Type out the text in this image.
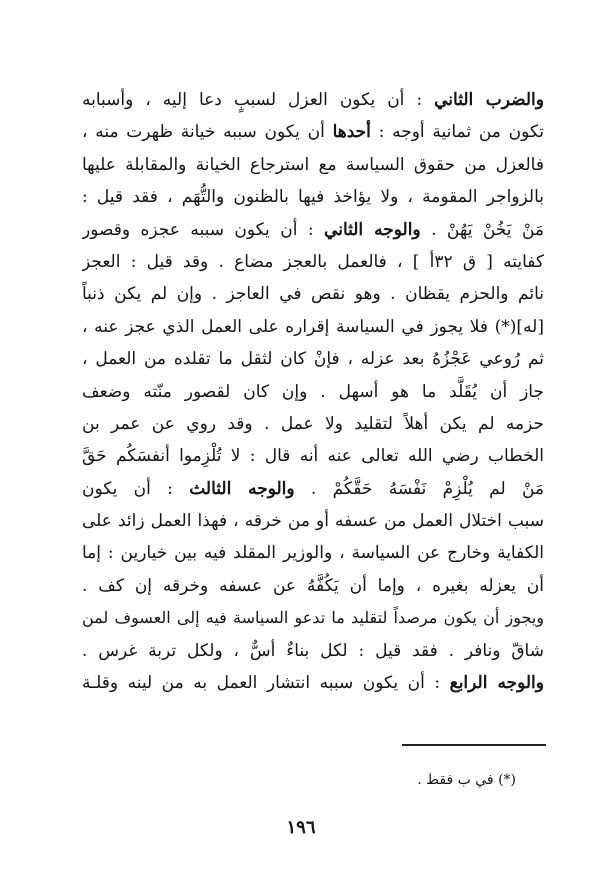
والضرب الثاني : أن يكون العزل لسببٍ دعا إليه ، وأسبابه
تكون من ثمانية أوجه : أحدها أن يكون سببه خيانة ظهرت منه ،
فالعزل من حقوق السياسة مع استرجاع الخيانة والمقابلة عليها
بالزواجر المقومة ، ولا يؤاخذ فيها بالظنون والتُّهَم ، فقد قيل :
مَنْ يَخُنْ يَهُنْ . والوجه الثاني : أن يكون سببه عجزه وقصور
كفايته [ ق ٣٢أ ] ، فالعمل بالعجز مضاع . وقد قيل : العجز
نائم والحزم يقظان . وهو نقص في العاجز . وإن لم يكن ذنباً
[له](*) فلا يجوز في السياسة إقراره على العمل الذي عجز عنه ،
ثم رُوعي عَجْزُهُ بعد عزله ، فإنْ كان لثقل ما تقلده من العمل ،
جاز أن يُقَلَّد ما هو أسهل . وإن كان لقصور منّته وضعف
حزمه لم يكن أهلاً لتقليد ولا عمل . وقد روي عن عمر بن
الخطاب رضي الله تعالى عنه أنه قال : لا تُلْزِموا أنفسَكُم حَقَّ
مَنْ لم يُلْزِمْ نَفْسَهُ حَقَّكُمْ . والوجه الثالث : أن يكون
سبب اختلال العمل من عسفه أو من خرقه ، فهذا العمل زائد على
الكفاية وخارج عن السياسة ، والوزير المقلد فيه بين خيارين : إما
أن يعزله بغيره ، وإما أن يَكُفَّهُ عن عسفه وخرقه إن كف .
ويجوز أن يكون مرصداً لتقليد ما تدعو السياسة فيه إلى العسوف لمن
شاقّ ونافر . فقد قيل : لكل بناءٌ أسٌّ ، ولكل تربة غرس .
والوجه الرابع : أن يكون سببه انتشار العمل به من لينه وقلـة
(*) في ب فقط .
١٩٦
